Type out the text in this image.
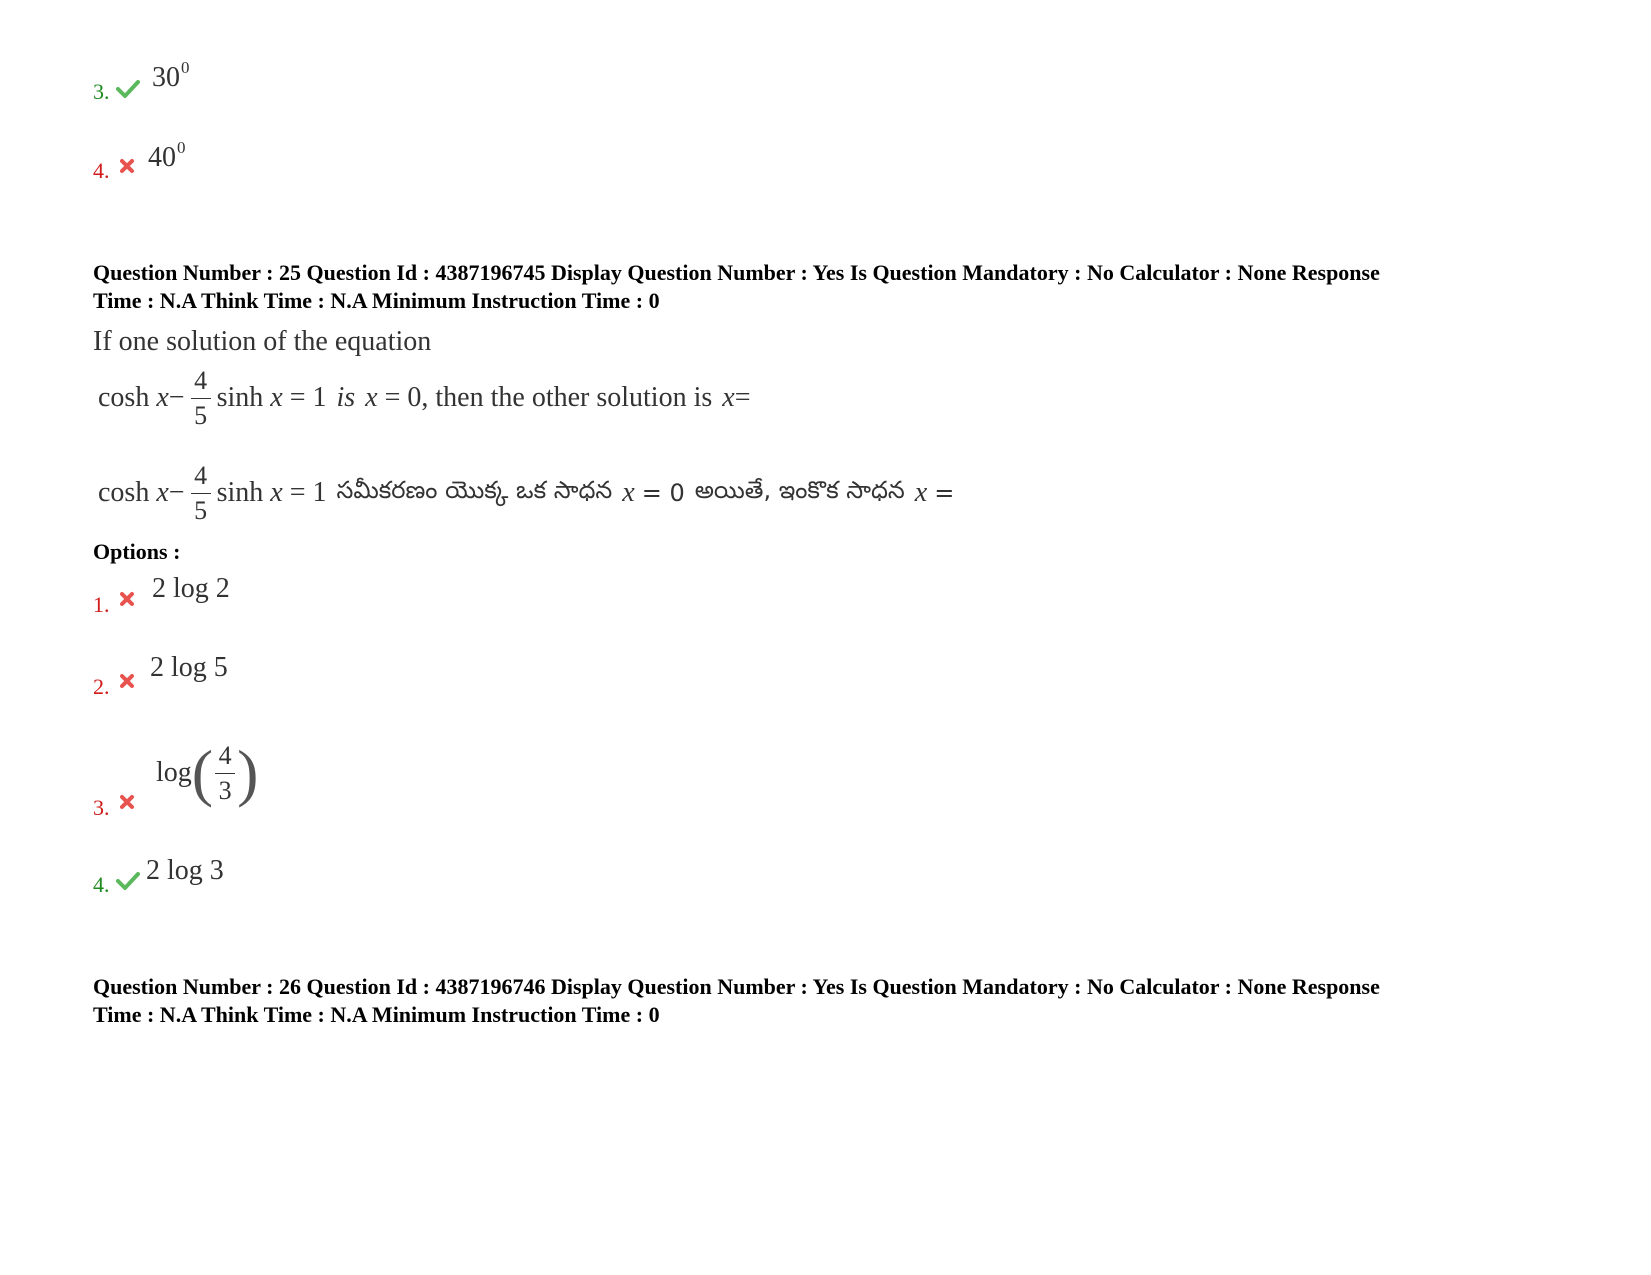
3. $30^0$
4. $40^0$
Question Number : 25 Question Id : 4387196745 Display Question Number : Yes Is Question Mandatory : No Calculator : None Response
Time : N.A Think Time : N.A Minimum Instruction Time : 0
If one solution of the equation
cosh
$x - \frac{4}{5}$ sinh
x
= 1 is x
= 0, then the other solution is x =
cosh
$x - \frac{4}{5}$ sinh
x
= 1 సమీకరణం యొక్క ఒక సాధన x
= 0 అయితే, ఇంకొక సాధన x
=
Options :
1.
2 log 2
2.
2 log 5
3.
log ( $\frac{4}{3}$ )
4. 2 log 3
Question Number : 26 Question Id : 4387196746 Display Question Number : Yes Is Question Mandatory : No Calculator : None Response
Time : N.A Think Time : N.A Minimum Instruction Time : 0
